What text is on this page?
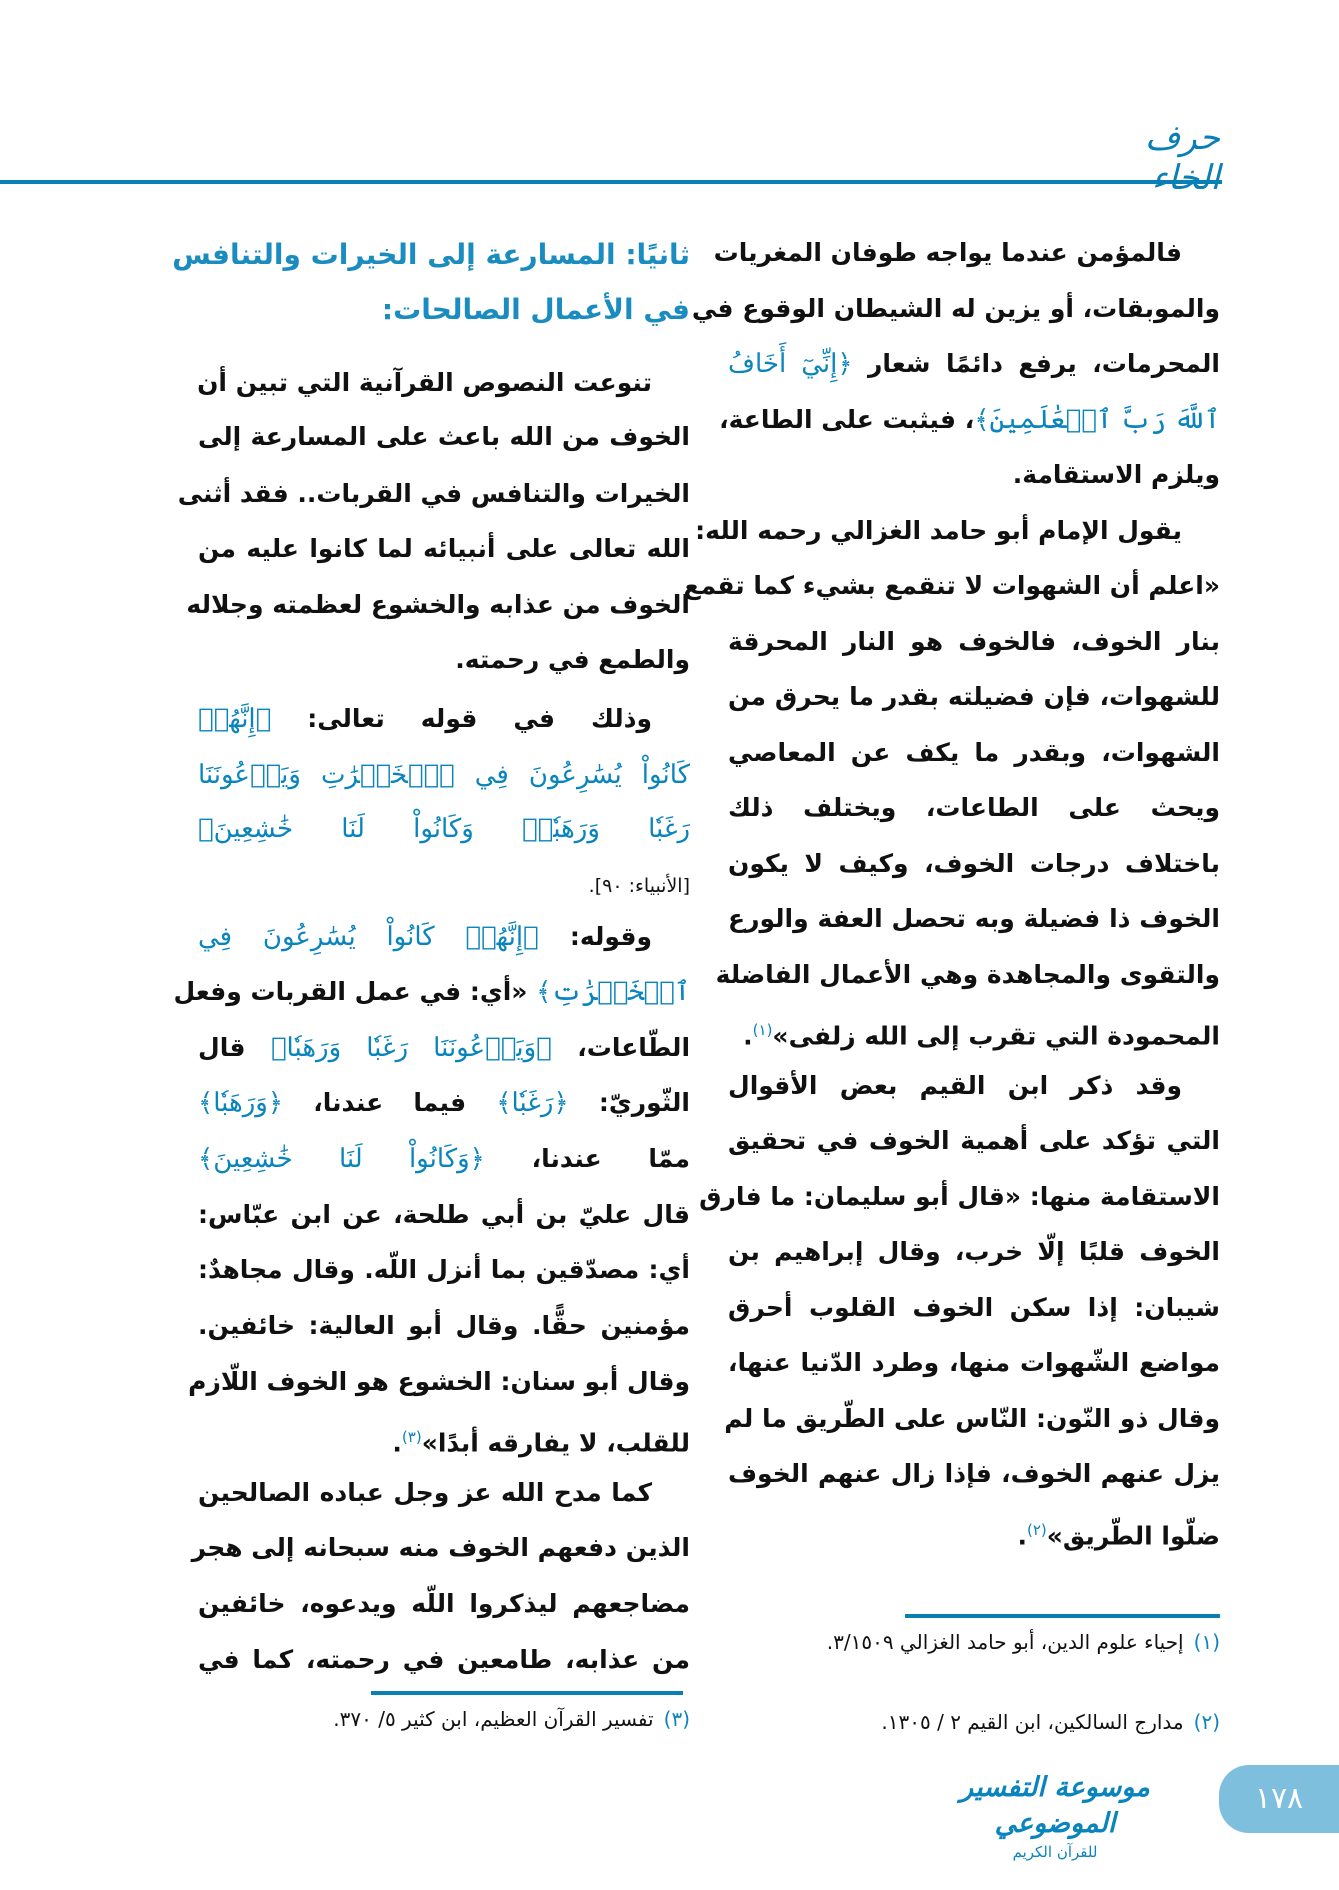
حرف الخاء
فالمؤمن عندما يواجه طوفان المغريات
والموبقات، أو يزين له الشيطان الوقوع في
المحرمات، يرفع دائمًا شعار ﴿إِنِّيٓ أَخَافُ
ٱللَّهَ رَبَّ ٱلۡعَٰلَمِينَ﴾، فيثبت على الطاعة،
ويلزم الاستقامة.
يقول الإمام أبو حامد الغزالي رحمه الله:
«اعلم أن الشهوات لا تنقمع بشيء كما تقمع
بنار الخوف، فالخوف هو النار المحرقة
للشهوات، فإن فضيلته بقدر ما يحرق من
الشهوات، وبقدر ما يكف عن المعاصي
ويحث على الطاعات، ويختلف ذلك
باختلاف درجات الخوف، وكيف لا يكون
الخوف ذا فضيلة وبه تحصل العفة والورع
والتقوى والمجاهدة وهي الأعمال الفاضلة
المحمودة التي تقرب إلى الله زلفى»$^{(١)}$.
وقد ذكر ابن القيم بعض الأقوال
التي تؤكد على أهمية الخوف في تحقيق
الاستقامة منها: «قال أبو سليمان: ما فارق
الخوف قلبًا إلّا خرب، وقال إبراهيم بن
شيبان: إذا سكن الخوف القلوب أحرق
مواضع الشّهوات منها، وطرد الدّنيا عنها،
وقال ذو النّون: النّاس على الطّريق ما لم
يزل عنهم الخوف، فإذا زال عنهم الخوف
ضلّوا الطّريق»$^{(٢)}$.
ثانيًا: المسارعة إلى الخيرات والتنافس
في الأعمال الصالحات:
تنوعت النصوص القرآنية التي تبين أن
الخوف من الله باعث على المسارعة إلى
الخيرات والتنافس في القربات.. فقد أثنى
الله تعالى على أنبيائه لما كانوا عليه من
الخوف من عذابه والخشوع لعظمته وجلاله
والطمع في رحمته.
وذلك في قوله تعالى: ﴿إِنَّهُمۡ
كَانُواْ يُسَٰرِعُونَ فِي ٱلۡخَيۡرَٰتِ وَيَدۡعُونَنَا
رَغَبٗا وَرَهَبٗاۖ وَكَانُواْ لَنَا خَٰشِعِينَ﴾
[الأنبياء: ٩٠].
وقوله: ﴿إِنَّهُمۡ كَانُواْ يُسَٰرِعُونَ فِي
ٱلۡخَيۡرَٰتِ﴾ «أي: في عمل القربات وفعل
الطّاعات، ﴿وَيَدۡعُونَنَا رَغَبٗا وَرَهَبٗا﴾ قال
الثّوريّ: ﴿رَغَبٗا﴾ فيما عندنا، ﴿وَرَهَبٗا﴾
ممّا عندنا، ﴿وَكَانُواْ لَنَا خَٰشِعِينَ﴾
قال عليّ بن أبي طلحة، عن ابن عبّاس:
أي: مصدّقين بما أنزل اللّه. وقال مجاهدٌ:
مؤمنين حقًّا. وقال أبو العالية: خائفين.
وقال أبو سنان: الخشوع هو الخوف اللّازم
للقلب، لا يفارقه أبدًا»$^{(٣)}$.
كما مدح الله عز وجل عباده الصالحين
الذين دفعهم الخوف منه سبحانه إلى هجر
مضاجعهم ليذكروا اللّه ويدعوه، خائفين
من عذابه، طامعين في رحمته، كما في
(١)إحياء علوم الدين، أبو حامد الغزالي ٣/١٥٠٩.
(٢)مدارج السالكين، ابن القيم ٢ / ١٣٠٥.
(٣)تفسير القرآن العظيم، ابن كثير ٥/ ٣٧٠.
موسوعة التفسير الموضوعي
للقرآن الكريم
١٧٨
